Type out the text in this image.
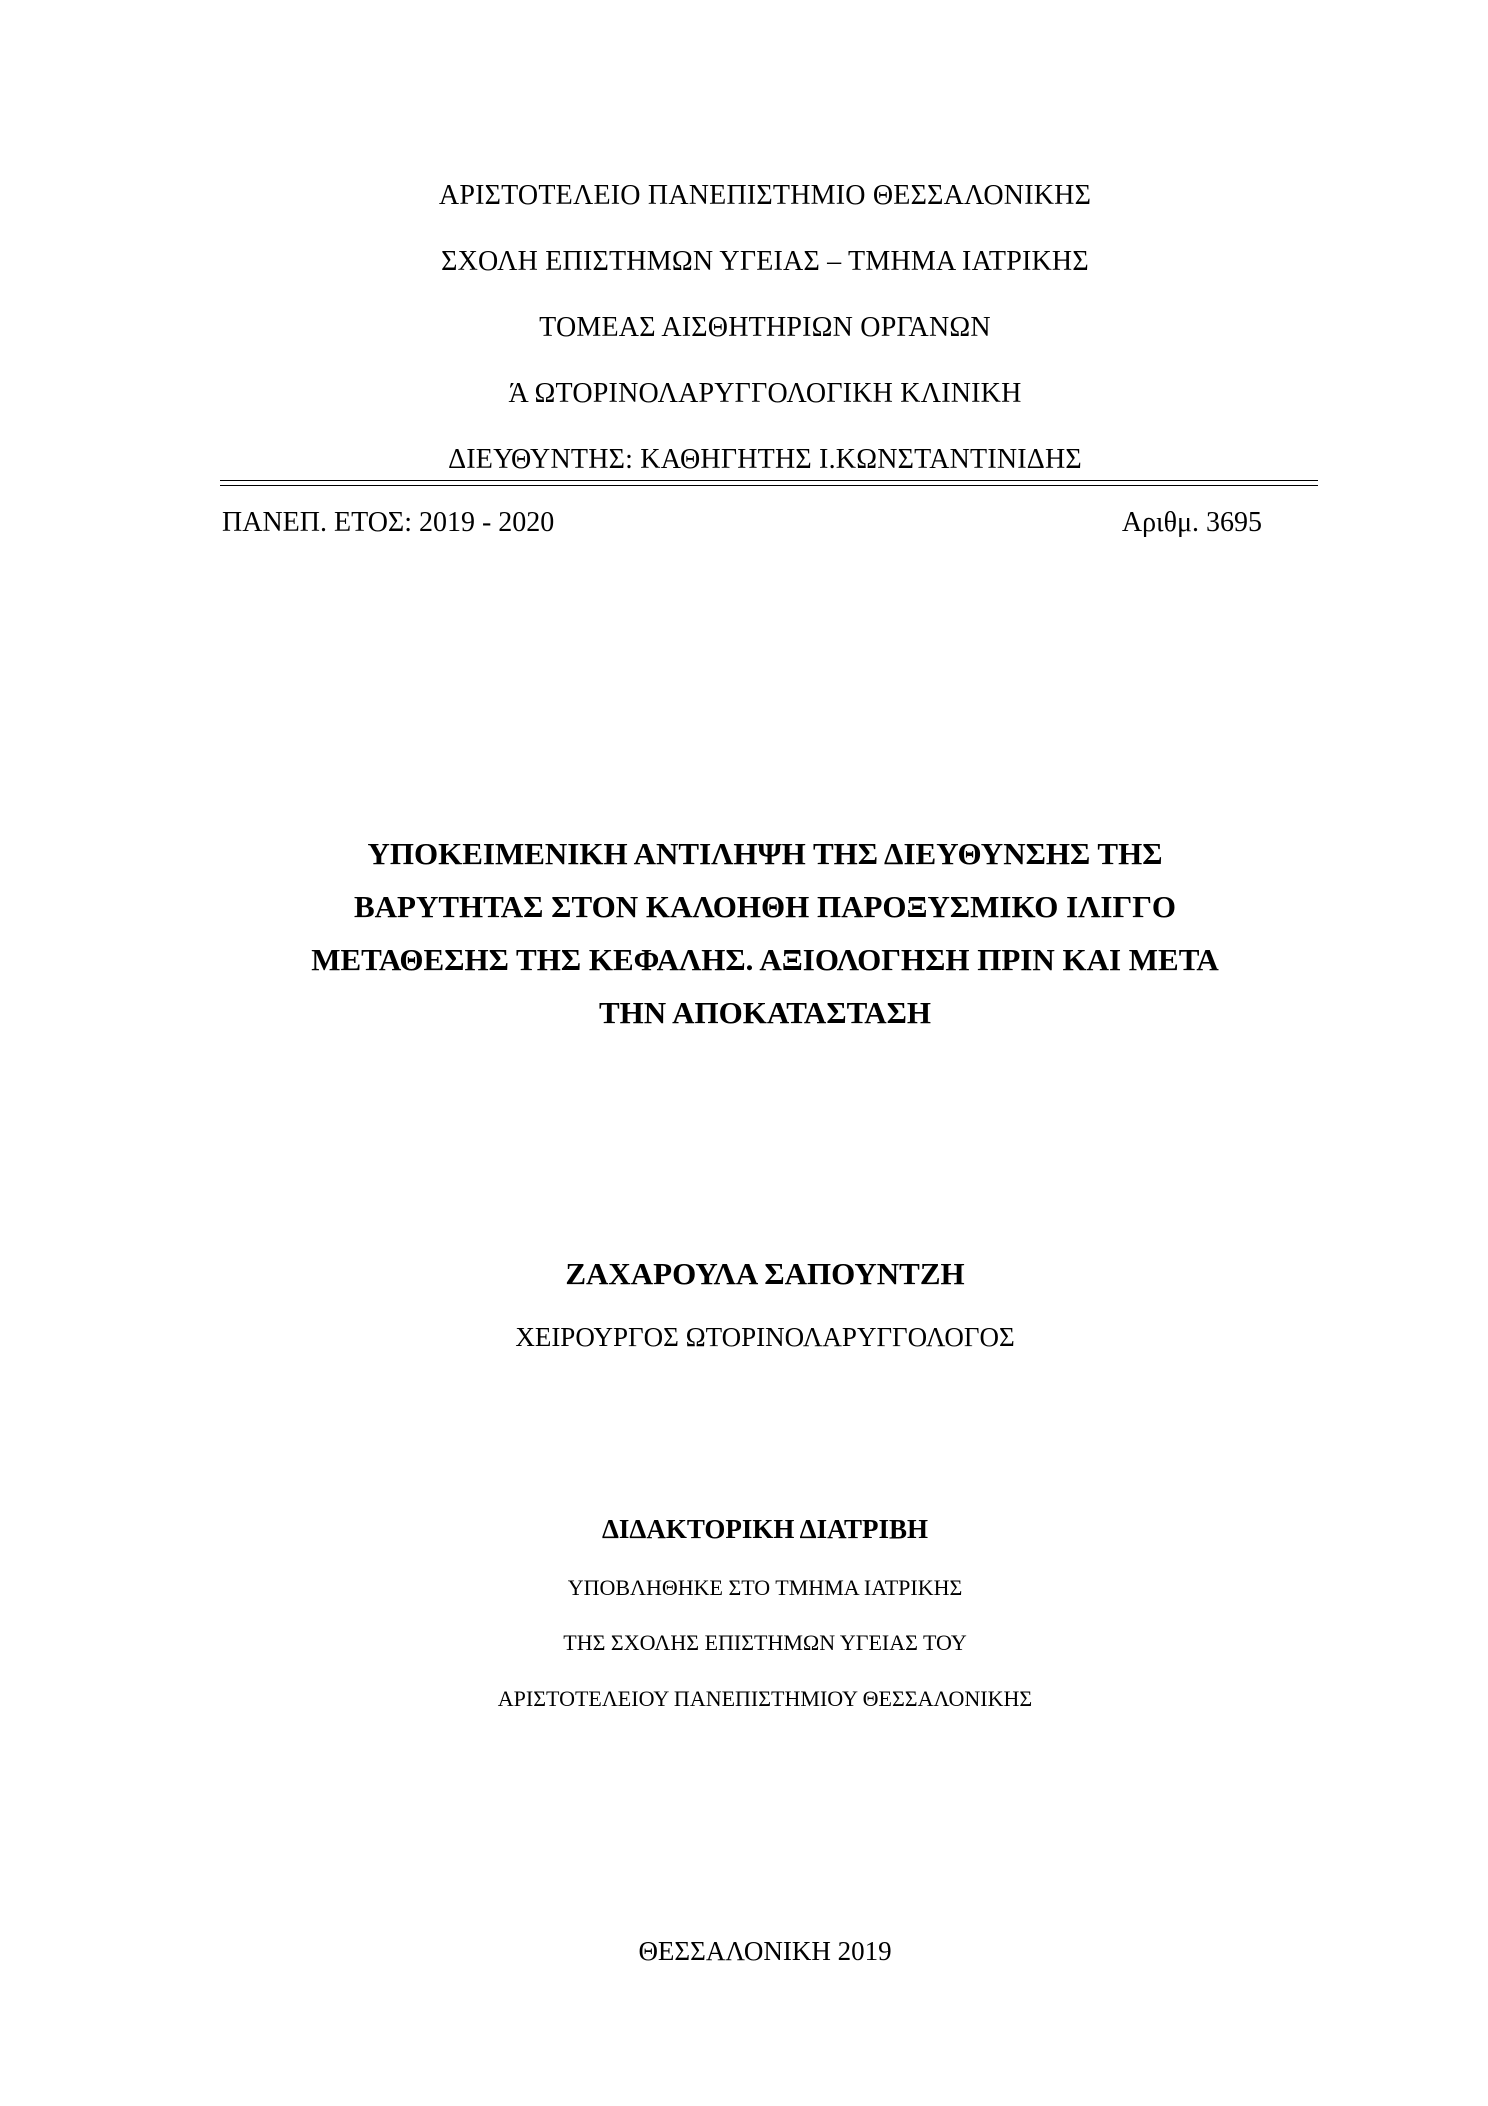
ΑΡΙΣΤΟΤΕΛΕΙΟ ΠΑΝΕΠΙΣΤΗΜΙΟ ΘΕΣΣΑΛΟΝΙΚΗΣ
ΣΧΟΛΗ ΕΠΙΣΤΗΜΩΝ ΥΓΕΙΑΣ – ΤΜΗΜΑ ΙΑΤΡΙΚΗΣ
ΤΟΜΕΑΣ ΑΙΣΘΗΤΗΡΙΩΝ ΟΡΓΑΝΩΝ
Ά ΩΤΟΡΙΝΟΛΑΡΥΓΓΟΛΟΓΙΚΗ ΚΛΙΝΙΚΗ
ΔΙΕΥΘΥΝΤΗΣ: ΚΑΘΗΓΗΤΗΣ Ι.ΚΩΝΣΤΑΝΤΙΝΙΔΗΣ
ΠΑΝΕΠ. ΕΤΟΣ: 2019 - 2020	Αριθμ. 3695
ΥΠΟΚΕΙΜΕΝΙΚΗ ΑΝΤΙΛΗΨΗ ΤΗΣ ΔΙΕΥΘΥΝΣΗΣ ΤΗΣ
ΒΑΡΥΤΗΤΑΣ ΣΤΟΝ ΚΑΛΟΗΘΗ ΠΑΡΟΞΥΣΜΙΚΟ ΙΛΙΓΓΟ
ΜΕΤΑΘΕΣΗΣ ΤΗΣ ΚΕΦΑΛΗΣ. ΑΞΙΟΛΟΓΗΣΗ ΠΡΙΝ ΚΑΙ ΜΕΤΑ
ΤΗΝ ΑΠΟΚΑΤΑΣΤΑΣΗ
ΖΑΧΑΡΟΥΛΑ ΣΑΠΟΥΝΤΖΗ
ΧΕΙΡΟΥΡΓΟΣ ΩΤΟΡΙΝΟΛΑΡΥΓΓΟΛΟΓΟΣ
ΔΙΔΑΚΤΟΡΙΚΗ ΔΙΑΤΡΙΒΗ
ΥΠΟΒΛΗΘΗΚΕ ΣΤΟ ΤΜΗΜΑ ΙΑΤΡΙΚΗΣ
ΤΗΣ ΣΧΟΛΗΣ ΕΠΙΣΤΗΜΩΝ ΥΓΕΙΑΣ ΤΟΥ
ΑΡΙΣΤΟΤΕΛΕΙΟΥ ΠΑΝΕΠΙΣΤΗΜΙΟΥ ΘΕΣΣΑΛΟΝΙΚΗΣ
ΘΕΣΣΑΛΟΝΙΚΗ 2019
